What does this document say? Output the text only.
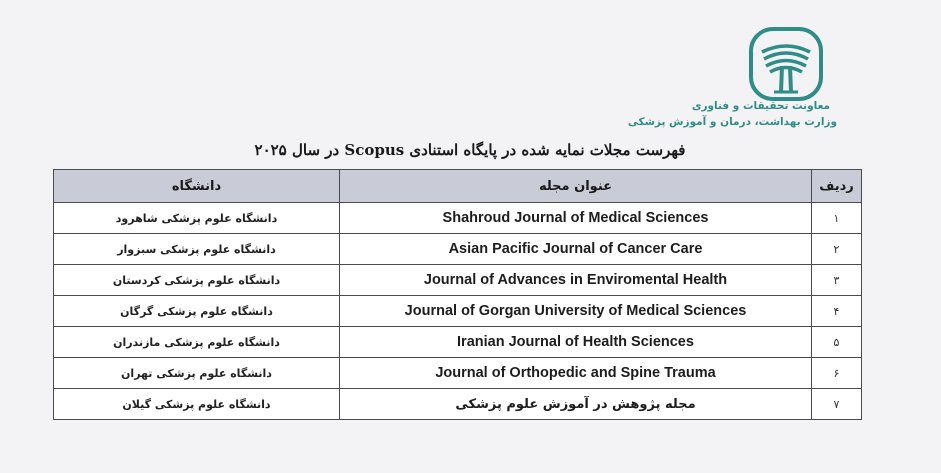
معاونت تحقیقات و فناوری
وزارت بهداشت، درمان و آموزش پزشکی
فهرست مجلات نمایه شده در پایگاه استنادی Scopus در سال ۲۰۲۵
دانشگاه	عنوان مجله	ردیف
دانشگاه علوم پزشکی شاهرود	Shahroud Journal of Medical Sciences	۱
دانشگاه علوم پزشکی سبزوار	Asian Pacific Journal of Cancer Care	۲
دانشگاه علوم پزشکی کردستان	Journal of Advances in Enviromental Health	۳
دانشگاه علوم پزشکی گرگان	Journal of Gorgan University of Medical Sciences	۴
دانشگاه علوم پزشکی مازندران	Iranian Journal of Health Sciences	۵
دانشگاه علوم پزشکی تهران	Journal of Orthopedic and Spine Trauma	۶
دانشگاه علوم پزشکی گیلان	مجله پژوهش در آموزش علوم پزشکی	۷
